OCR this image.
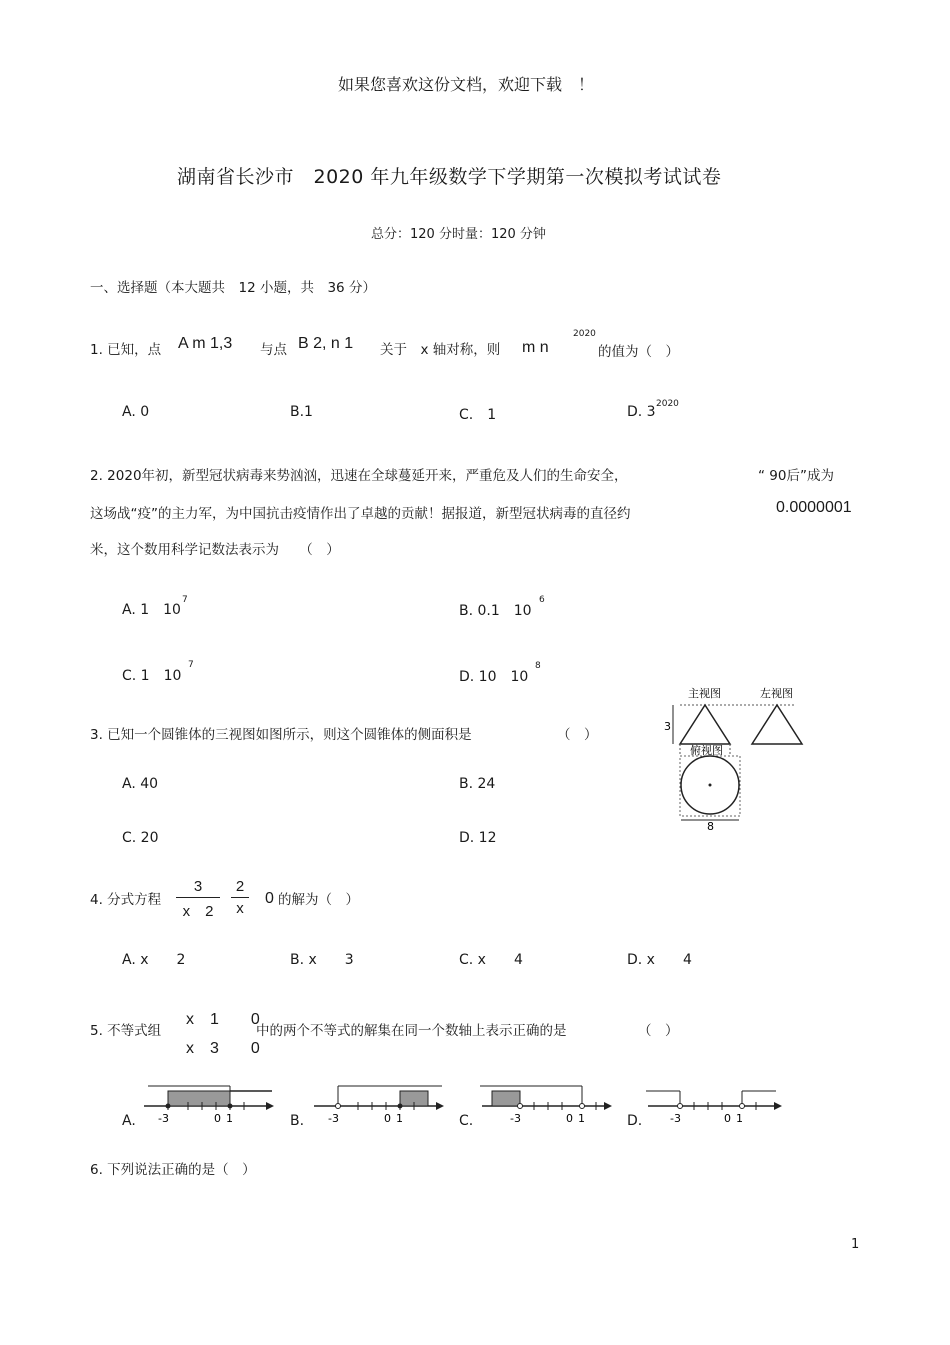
如果您喜欢这份文档，欢迎下载　！
湖南省长沙市　2020 年九年级数学下学期第一次模拟考试试卷
总分：120 分时量：120 分钟
一、选择题（本大题共　12 小题，共　36 分）
1. 已知，点 A m 1,3 与点 B 2, n 1 关于　x 轴对称，则 m n
2020
的值为（　）
A. 0	B.1	C.　1	D. 3 2020
2. 2020年初，新型冠状病毒来势汹汹，迅速在全球蔓延开来，严重危及人们的生命安全，	“ 90后”成为
这场战“疫”的主力军，为中国抗击疫情作出了卓越的贡献！据报道，新型冠状病毒的直径约	0.0000001
米，这个数用科学记数法表示为　　（　）
A. 1　10
7
B. 0.1　10
6
C. 1　10
7
D. 10　10
8
3. 已知一个圆锥体的三视图如图所示，则这个圆锥体的侧面积是	（　）
A. 40	B. 24
C. 20	D. 12
主视图	左视图
3
俯视图
8
4. 分式方程 $\frac{3}{x 2} \frac{2}{x} 0$ 的解为（　）
A. x　　2	B. x　　3	C. x　　4	D. x　　4
5. 不等式组
x　1　　0
x　3　　0
中的两个不等式的解集在同一个数轴上表示正确的是	（　）
A.	B.	C.	D.
-3	0 1	-3	0 1	-3	0 1	-3	0 1
6. 下列说法正确的是（　）
1
